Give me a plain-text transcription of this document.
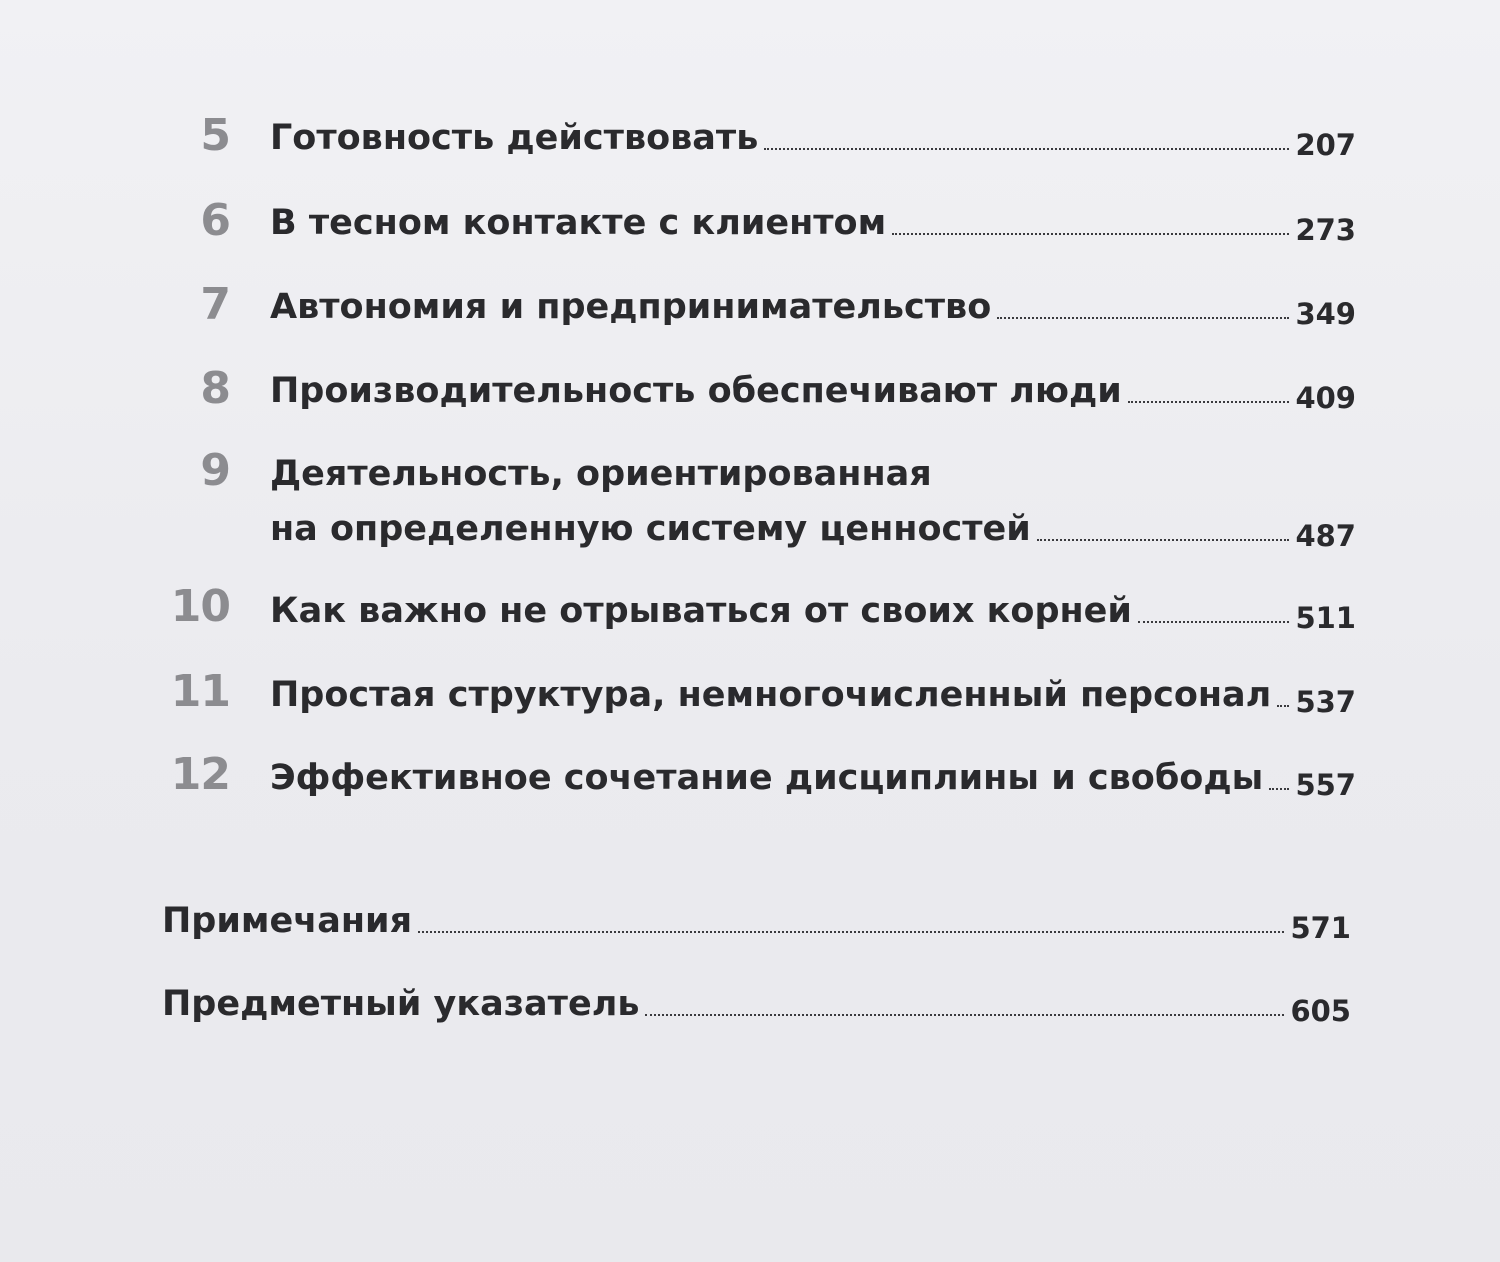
5 Готовность действовать	207
6 В тесном контакте с клиентом	273
7 Автономия и предпринимательство	349
8 Производительность обеспечивают люди	409
9 Деятельность, ориентированная
на определенную систему ценностей	487
10 Как важно не отрываться от своих корней	511
11 Простая структура, немногочисленный персонал 537
12 Эффективное сочетание дисциплины и свободы 557
Примечания	571
Предметный указатель	605
